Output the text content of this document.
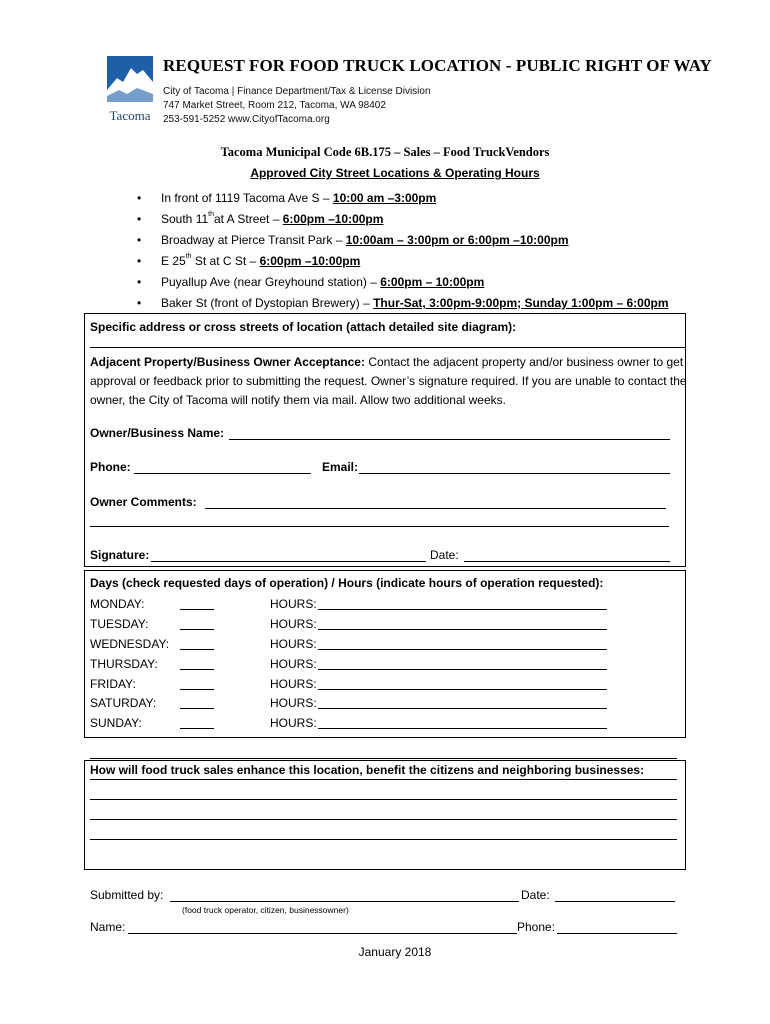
Tacoma
REQUEST FOR FOOD TRUCK LOCATION - PUBLIC RIGHT OF WAY
City of Tacoma | Finance Department/Tax & License Division
747 Market Street, Room 212, Tacoma, WA 98402
253-591-5252 www.CityofTacoma.org
Tacoma Municipal Code 6B.175 – Sales – Food TruckVendors
Approved City Street Locations & Operating Hours
• In front of 1119 Tacoma Ave S – 10:00 am –3:00pm
• South 11that A Street – 6:00pm –10:00pm
• Broadway at Pierce Transit Park – 10:00am – 3:00pm or 6:00pm –10:00pm
• E 25th St at C St – 6:00pm –10:00pm
• Puyallup Ave (near Greyhound station) – 6:00pm – 10:00pm
• Baker St (front of Dystopian Brewery) – Thur-Sat, 3:00pm-9:00pm; Sunday 1:00pm – 6:00pm
Specific address or cross streets of location (attach detailed site diagram):
Adjacent Property/Business Owner Acceptance: Contact the adjacent property and/or business owner to get approval or feedback prior to submitting the request. Owner’s signature required. If you are unable to contact the owner, the City of Tacoma will notify them via mail. Allow two additional weeks.
Owner/Business Name:
Phone:	Email:
Owner Comments:
Signature:	Date:
Days (check requested days of operation) / Hours (indicate hours of operation requested):
MONDAY:	HOURS:
TUESDAY:	HOURS:
WEDNESDAY:	HOURS:
THURSDAY:	HOURS:
FRIDAY:	HOURS:
SATURDAY:	HOURS:
SUNDAY:	HOURS:
How will food truck sales enhance this location, benefit the citizens and neighboring businesses:
Submitted by:	Date:
(food truck operator, citizen, businessowner)
Name:	Phone:
January 2018
